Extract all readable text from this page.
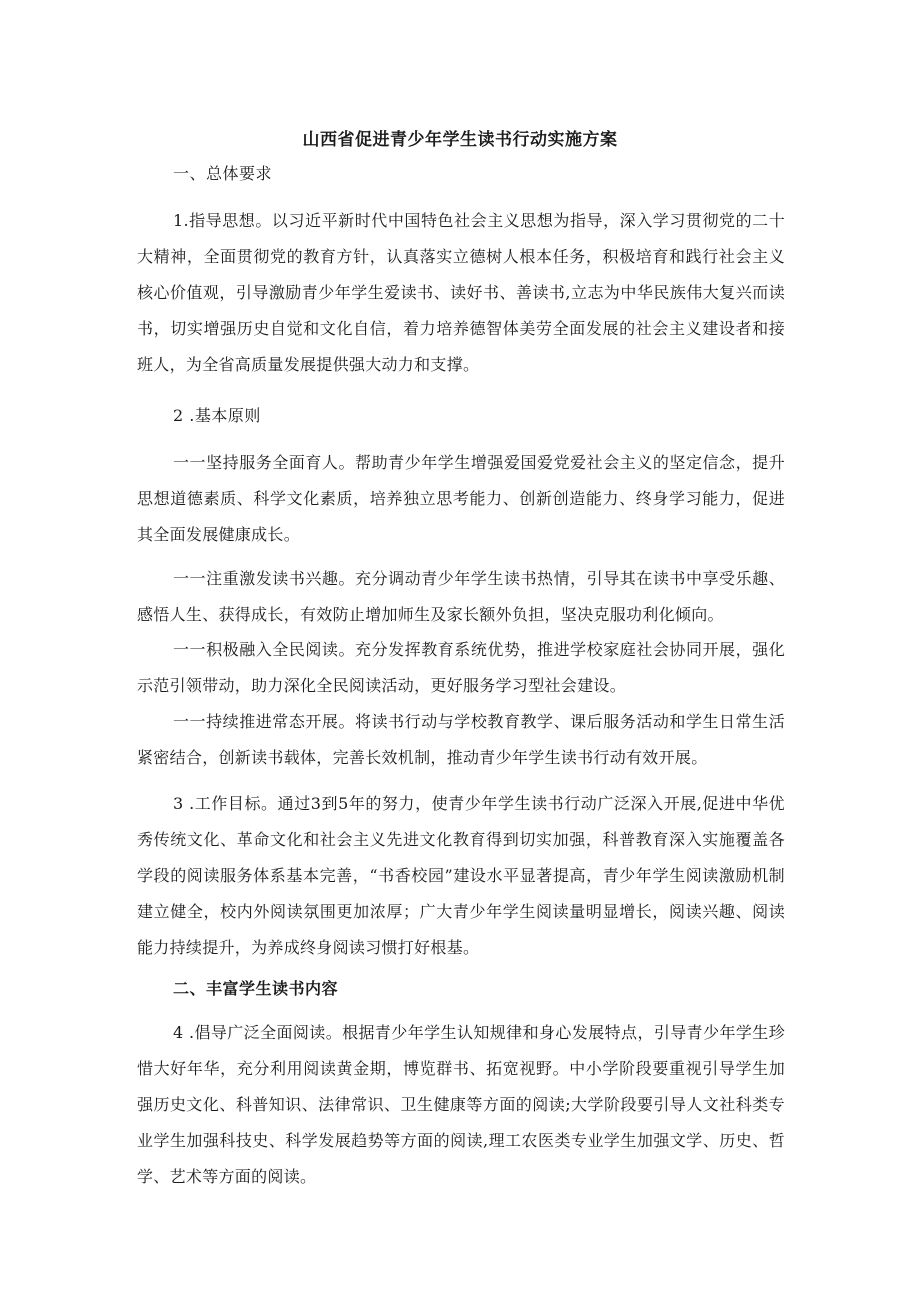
山西省促进青少年学生读书行动实施方案
一、总体要求
1.指导思想。以习近平新时代中国特色社会主义思想为指导，深入学习贯彻党的二十大精神，全面贯彻党的教育方针，认真落实立德树人根本任务，积极培育和践行社会主义核心价值观，引导激励青少年学生爱读书、读好书、善读书,立志为中华民族伟大复兴而读书，切实增强历史自觉和文化自信，着力培养德智体美劳全面发展的社会主义建设者和接班人，为全省高质量发展提供强大动力和支撑。
2 .基本原则
一一坚持服务全面育人。帮助青少年学生增强爱国爱党爱社会主义的坚定信念，提升思想道德素质、科学文化素质，培养独立思考能力、创新创造能力、终身学习能力，促进其全面发展健康成长。
一一注重激发读书兴趣。充分调动青少年学生读书热情，引导其在读书中享受乐趣、感悟人生、获得成长，有效防止增加师生及家长额外负担，坚决克服功利化倾向。
一一积极融入全民阅读。充分发挥教育系统优势，推进学校家庭社会协同开展，强化示范引领带动，助力深化全民阅读活动，更好服务学习型社会建设。
一一持续推进常态开展。将读书行动与学校教育教学、课后服务活动和学生日常生活紧密结合，创新读书载体，完善长效机制，推动青少年学生读书行动有效开展。
3 .工作目标。通过3到5年的努力，使青少年学生读书行动广泛深入开展,促进中华优秀传统文化、革命文化和社会主义先进文化教育得到切实加强，科普教育深入实施覆盖各学段的阅读服务体系基本完善，“书香校园”建设水平显著提高，青少年学生阅读激励机制建立健全，校内外阅读氛围更加浓厚；广大青少年学生阅读量明显增长，阅读兴趣、阅读能力持续提升，为养成终身阅读习惯打好根基。
二、丰富学生读书内容
4 .倡导广泛全面阅读。根据青少年学生认知规律和身心发展特点，引导青少年学生珍惜大好年华，充分利用阅读黄金期，博览群书、拓宽视野。中小学阶段要重视引导学生加强历史文化、科普知识、法律常识、卫生健康等方面的阅读;大学阶段要引导人文社科类专业学生加强科技史、科学发展趋势等方面的阅读,理工农医类专业学生加强文学、历史、哲学、艺术等方面的阅读。
